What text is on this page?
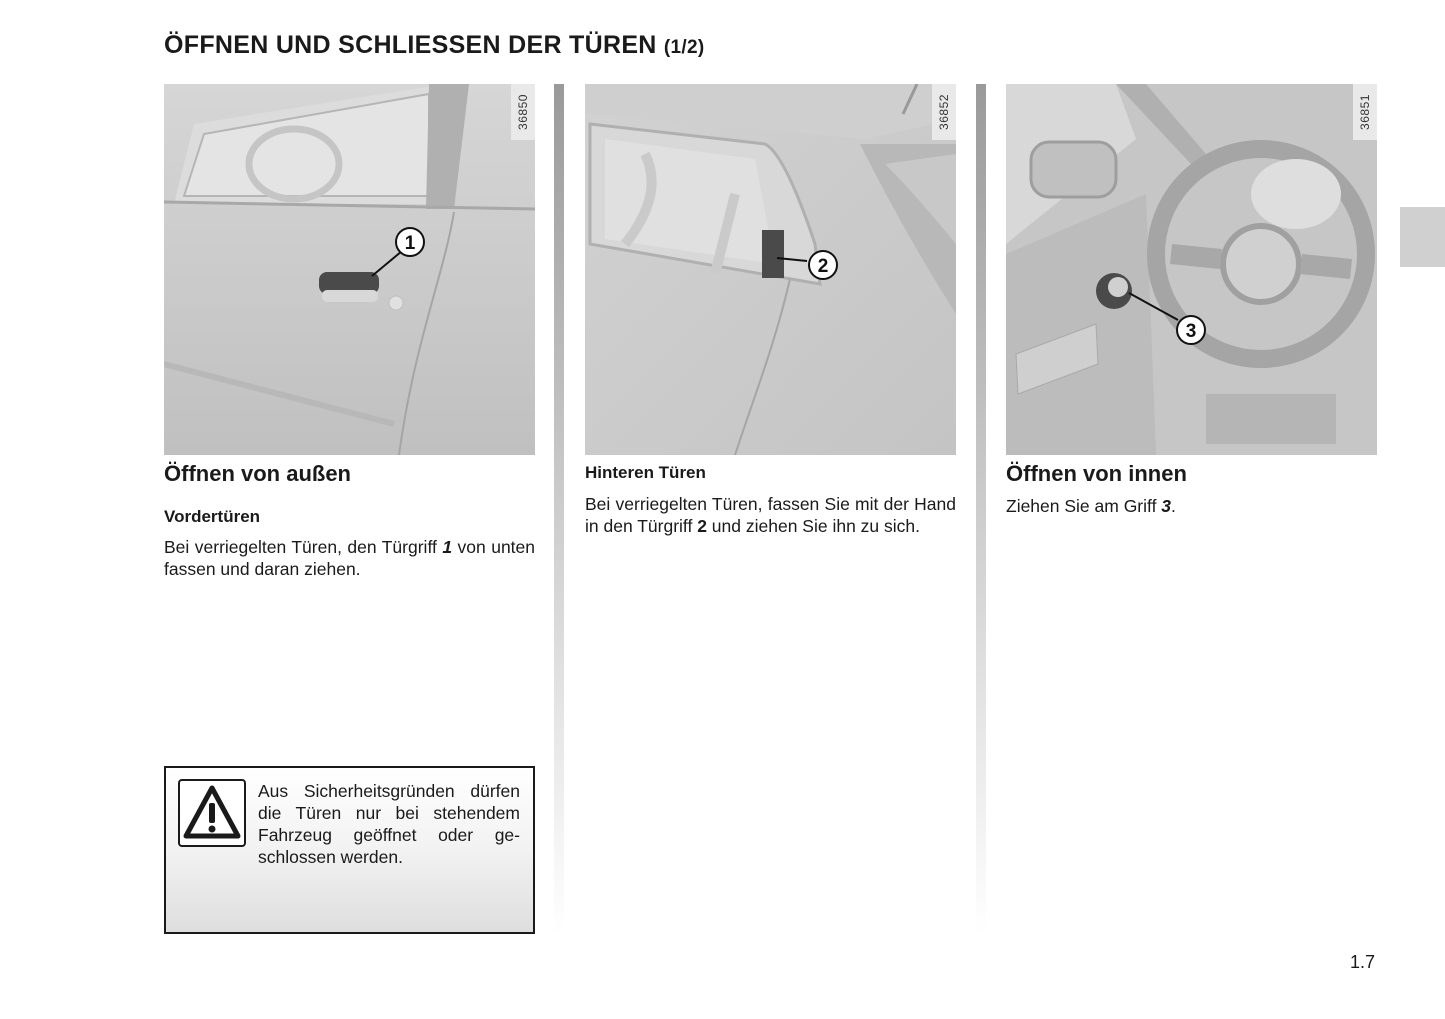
ÖFFNEN UND SCHLIESSEN DER TÜREN (1/2)
1
36850
Öffnen von außen
Vordertüren

Bei verriegelten Türen, den Türgriff 1 von unten fassen und daran ziehen.

2
36852
Hinteren Türen

Bei verriegelten Türen, fassen Sie mit der Hand in den Türgriff 2 und ziehen Sie ihn zu sich.

3
36851
Öffnen von innen

Ziehen Sie am Griff 3.

Aus Sicherheitsgründen dürfen die Türen nur bei stehendem Fahrzeug geöffnet oder ge-schlossen werden.
1.7
